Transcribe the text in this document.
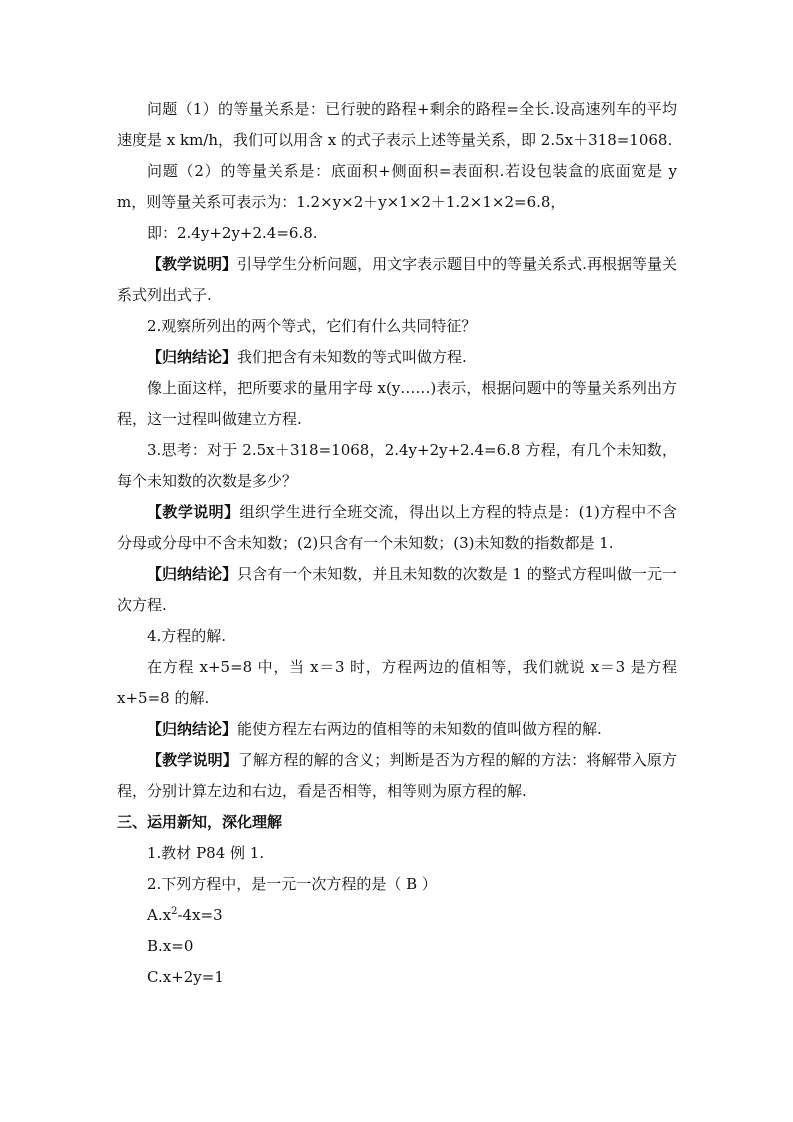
问题（1）的等量关系是：已行驶的路程+剩余的路程=全长.设高速列车的平均速度是 x km/h，我们可以用含 x 的式子表示上述等量关系，即 2.5x＋318=1068.

问题（2）的等量关系是：底面积+侧面积=表面积.若设包装盒的底面宽是 y m，则等量关系可表示为：1.2×y×2＋y×1×2＋1.2×1×2=6.8，

即：2.4y+2y+2.4=6.8.

【教学说明】引导学生分析问题，用文字表示题目中的等量关系式.再根据等量关系式列出式子.

2.观察所列出的两个等式，它们有什么共同特征？

【归纳结论】我们把含有未知数的等式叫做方程.

像上面这样，把所要求的量用字母 x(y……)表示，根据问题中的等量关系列出方程，这一过程叫做建立方程.

3.思考：对于 2.5x＋318=1068，2.4y+2y+2.4=6.8 方程，有几个未知数，每个未知数的次数是多少？

【教学说明】组织学生进行全班交流，得出以上方程的特点是：(1)方程中不含分母或分母中不含未知数；(2)只含有一个未知数；(3)未知数的指数都是 1.

【归纳结论】只含有一个未知数，并且未知数的次数是 1 的整式方程叫做一元一次方程.

4.方程的解.

在方程 x+5=8 中，当 x＝3 时，方程两边的值相等，我们就说 x＝3 是方程 x+5=8 的解.

【归纳结论】能使方程左右两边的值相等的未知数的值叫做方程的解.

【教学说明】了解方程的解的含义；判断是否为方程的解的方法：将解带入原方程，分别计算左边和右边，看是否相等，相等则为原方程的解.

三、运用新知，深化理解

1.教材 P84 例 1.

2.下列方程中，是一元一次方程的是（ B ）

$A.x^2-4x=3$

B.x=0

C.x+2y=1
